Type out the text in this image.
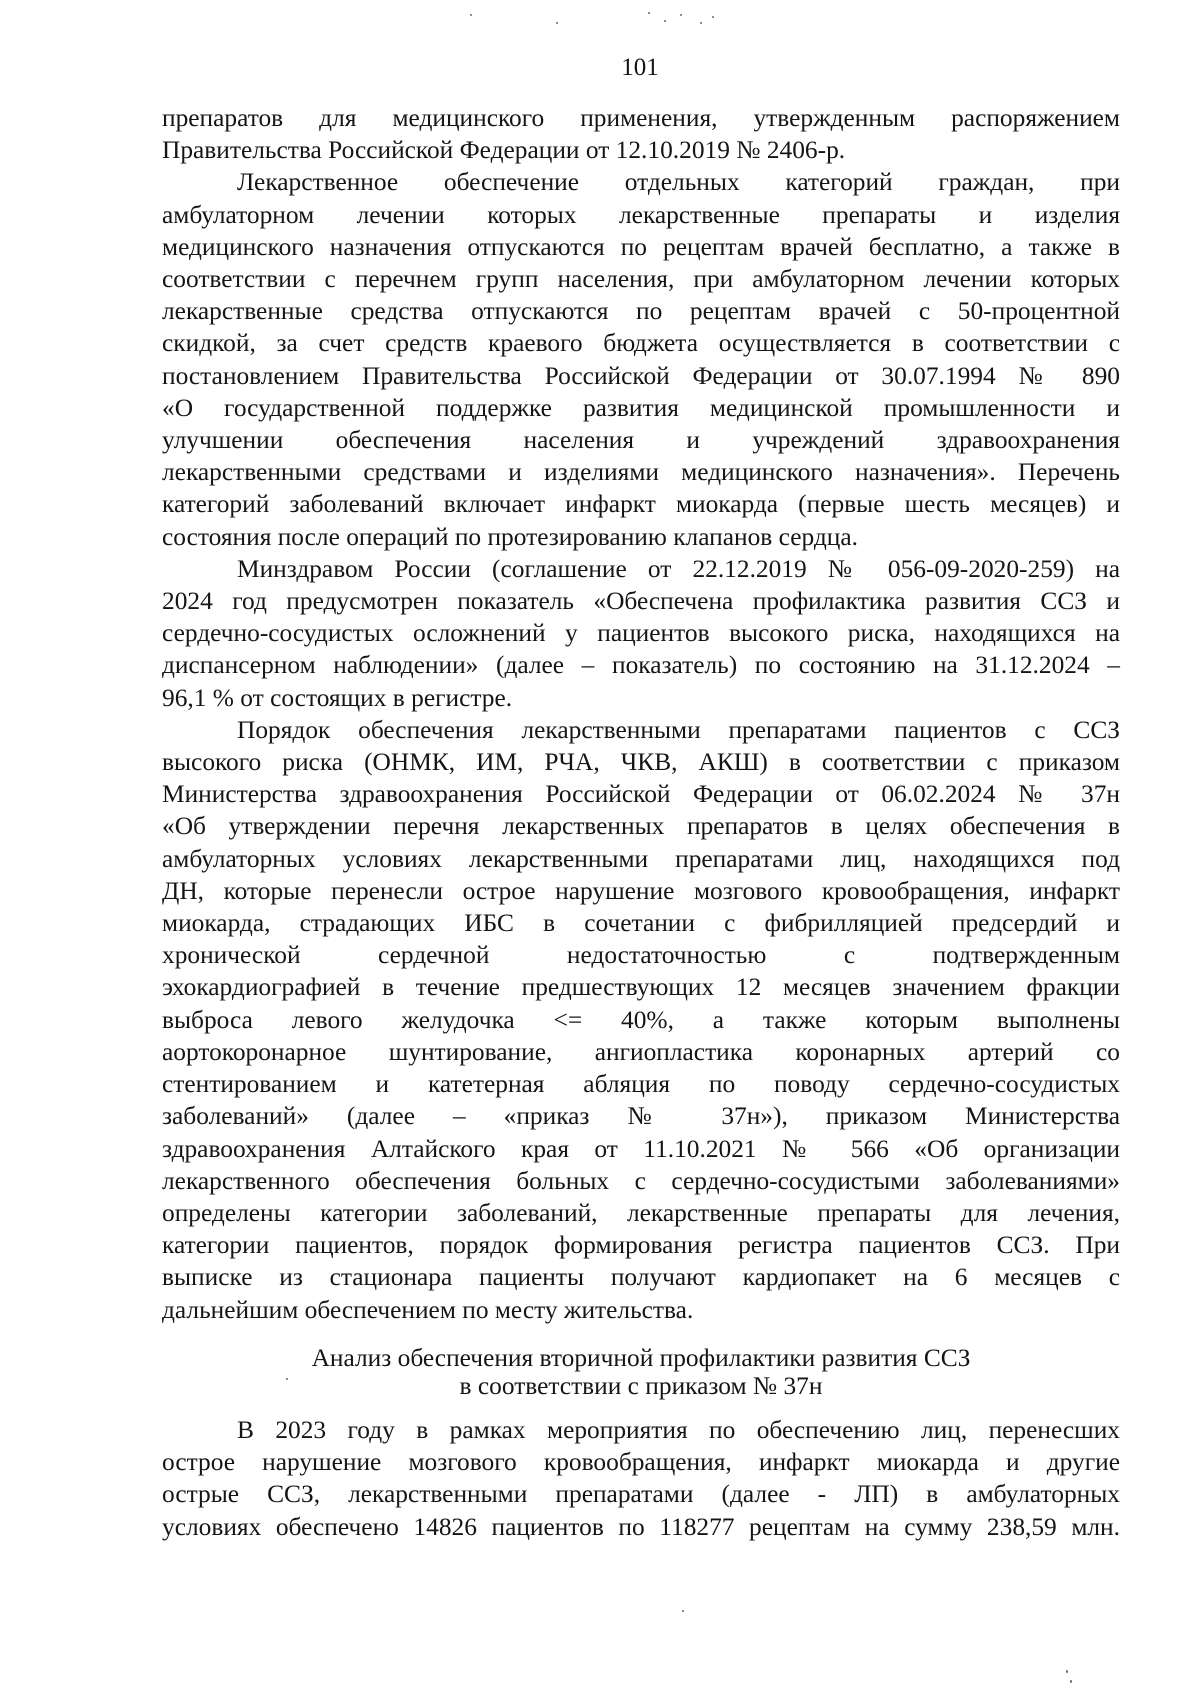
101
препаратов для медицинского применения, утвержденным распоряжением
Правительства Российской Федерации от 12.10.2019 № 2406-р.
Лекарственное обеспечение отдельных категорий граждан, при
амбулаторном лечении которых лекарственные препараты и изделия
медицинского назначения отпускаются по рецептам врачей бесплатно, а также в
соответствии с перечнем групп населения, при амбулаторном лечении которых
лекарственные средства отпускаются по рецептам врачей с 50-процентной
скидкой, за счет средств краевого бюджета осуществляется в соответствии с
постановлением Правительства Российской Федерации от 30.07.1994 № 890
«О государственной поддержке развития медицинской промышленности и
улучшении обеспечения населения и учреждений здравоохранения
лекарственными средствами и изделиями медицинского назначения». Перечень
категорий заболеваний включает инфаркт миокарда (первые шесть месяцев) и
состояния после операций по протезированию клапанов сердца.
Минздравом России (соглашение от 22.12.2019 № 056-09-2020-259) на
2024 год предусмотрен показатель «Обеспечена профилактика развития ССЗ и
сердечно-сосудистых осложнений у пациентов высокого риска, находящихся на
диспансерном наблюдении» (далее – показатель) по состоянию на 31.12.2024 –
96,1 % от состоящих в регистре.
Порядок обеспечения лекарственными препаратами пациентов с ССЗ
высокого риска (ОНМК, ИМ, РЧА, ЧКВ, АКШ) в соответствии с приказом
Министерства здравоохранения Российской Федерации от 06.02.2024 № 37н
«Об утверждении перечня лекарственных препаратов в целях обеспечения в
амбулаторных условиях лекарственными препаратами лиц, находящихся под
ДН, которые перенесли острое нарушение мозгового кровообращения, инфаркт
миокарда, страдающих ИБС в сочетании с фибрилляцией предсердий и
хронической сердечной недостаточностью с подтвержденным
эхокардиографией в течение предшествующих 12 месяцев значением фракции
выброса левого желудочка <= 40%, а также которым выполнены
аортокоронарное шунтирование, ангиопластика коронарных артерий со
стентированием и катетерная абляция по поводу сердечно-сосудистых
заболеваний» (далее – «приказ № 37н»), приказом Министерства
здравоохранения Алтайского края от 11.10.2021 № 566 «Об организации
лекарственного обеспечения больных с сердечно-сосудистыми заболеваниями»
определены категории заболеваний, лекарственные препараты для лечения,
категории пациентов, порядок формирования регистра пациентов ССЗ. При
выписке из стационара пациенты получают кардиопакет на 6 месяцев с
дальнейшим обеспечением по месту жительства.
Анализ обеспечения вторичной профилактики развития ССЗ
в соответствии с приказом № 37н
В 2023 году в рамках мероприятия по обеспечению лиц, перенесших
острое нарушение мозгового кровообращения, инфаркт миокарда и другие
острые ССЗ, лекарственными препаратами (далее - ЛП) в амбулаторных
условиях обеспечено 14826 пациентов по 118277 рецептам на сумму 238,59 млн.
